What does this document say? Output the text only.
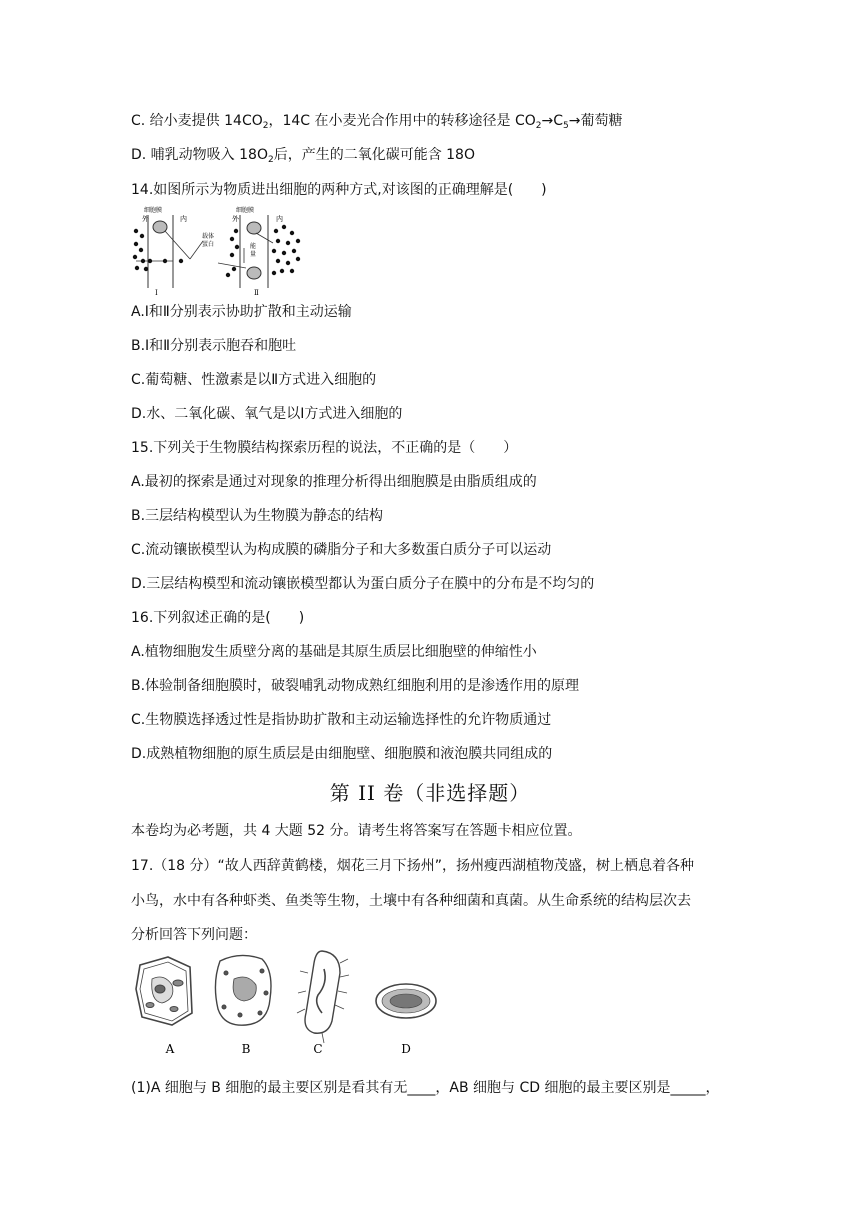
C. 给小麦提供 $14CO_2$，14C 在小麦光合作用中的转移途径是 $CO_2\to C_5\to$葡萄糖
D. 哺乳动物吸入 $18O_2$后，产生的二氧化碳可能含 18O
14.如图所示为物质进出细胞的两种方式,对该图的正确理解是(　　)
细胞膜
外	内
载体
蛋白
Ⅰ
细胞膜
外	内
能
量
Ⅱ
A.Ⅰ和Ⅱ分别表示协助扩散和主动运输
B.Ⅰ和Ⅱ分别表示胞吞和胞吐
C.葡萄糖、性激素是以Ⅱ方式进入细胞的
D.水、二氧化碳、氧气是以Ⅰ方式进入细胞的
15.下列关于生物膜结构探索历程的说法，不正确的是（　　）
A.最初的探索是通过对现象的推理分析得出细胞膜是由脂质组成的
B.三层结构模型认为生物膜为静态的结构
C.流动镶嵌模型认为构成膜的磷脂分子和大多数蛋白质分子可以运动
D.三层结构模型和流动镶嵌模型都认为蛋白质分子在膜中的分布是不均匀的
16.下列叙述正确的是(　　)
A.植物细胞发生质壁分离的基础是其原生质层比细胞壁的伸缩性小
B.体验制备细胞膜时，破裂哺乳动物成熟红细胞利用的是渗透作用的原理
C.生物膜选择透过性是指协助扩散和主动运输选择性的允许物质通过
D.成熟植物细胞的原生质层是由细胞壁、细胞膜和液泡膜共同组成的
第 II 卷（非选择题）
本卷均为必考题，共 4 大题 52 分。请考生将答案写在答题卡相应位置。
17.（18 分）“故人西辞黄鹤楼，烟花三月下扬州”，扬州瘦西湖植物茂盛，树上栖息着各种
小鸟，水中有各种虾类、鱼类等生物，土壤中有各种细菌和真菌。从生命系统的结构层次去
分析回答下列问题：
A	B	C	D
(1)A 细胞与 B 细胞的最主要区别是看其有无____，AB 细胞与 CD 细胞的最主要区别是_____，
